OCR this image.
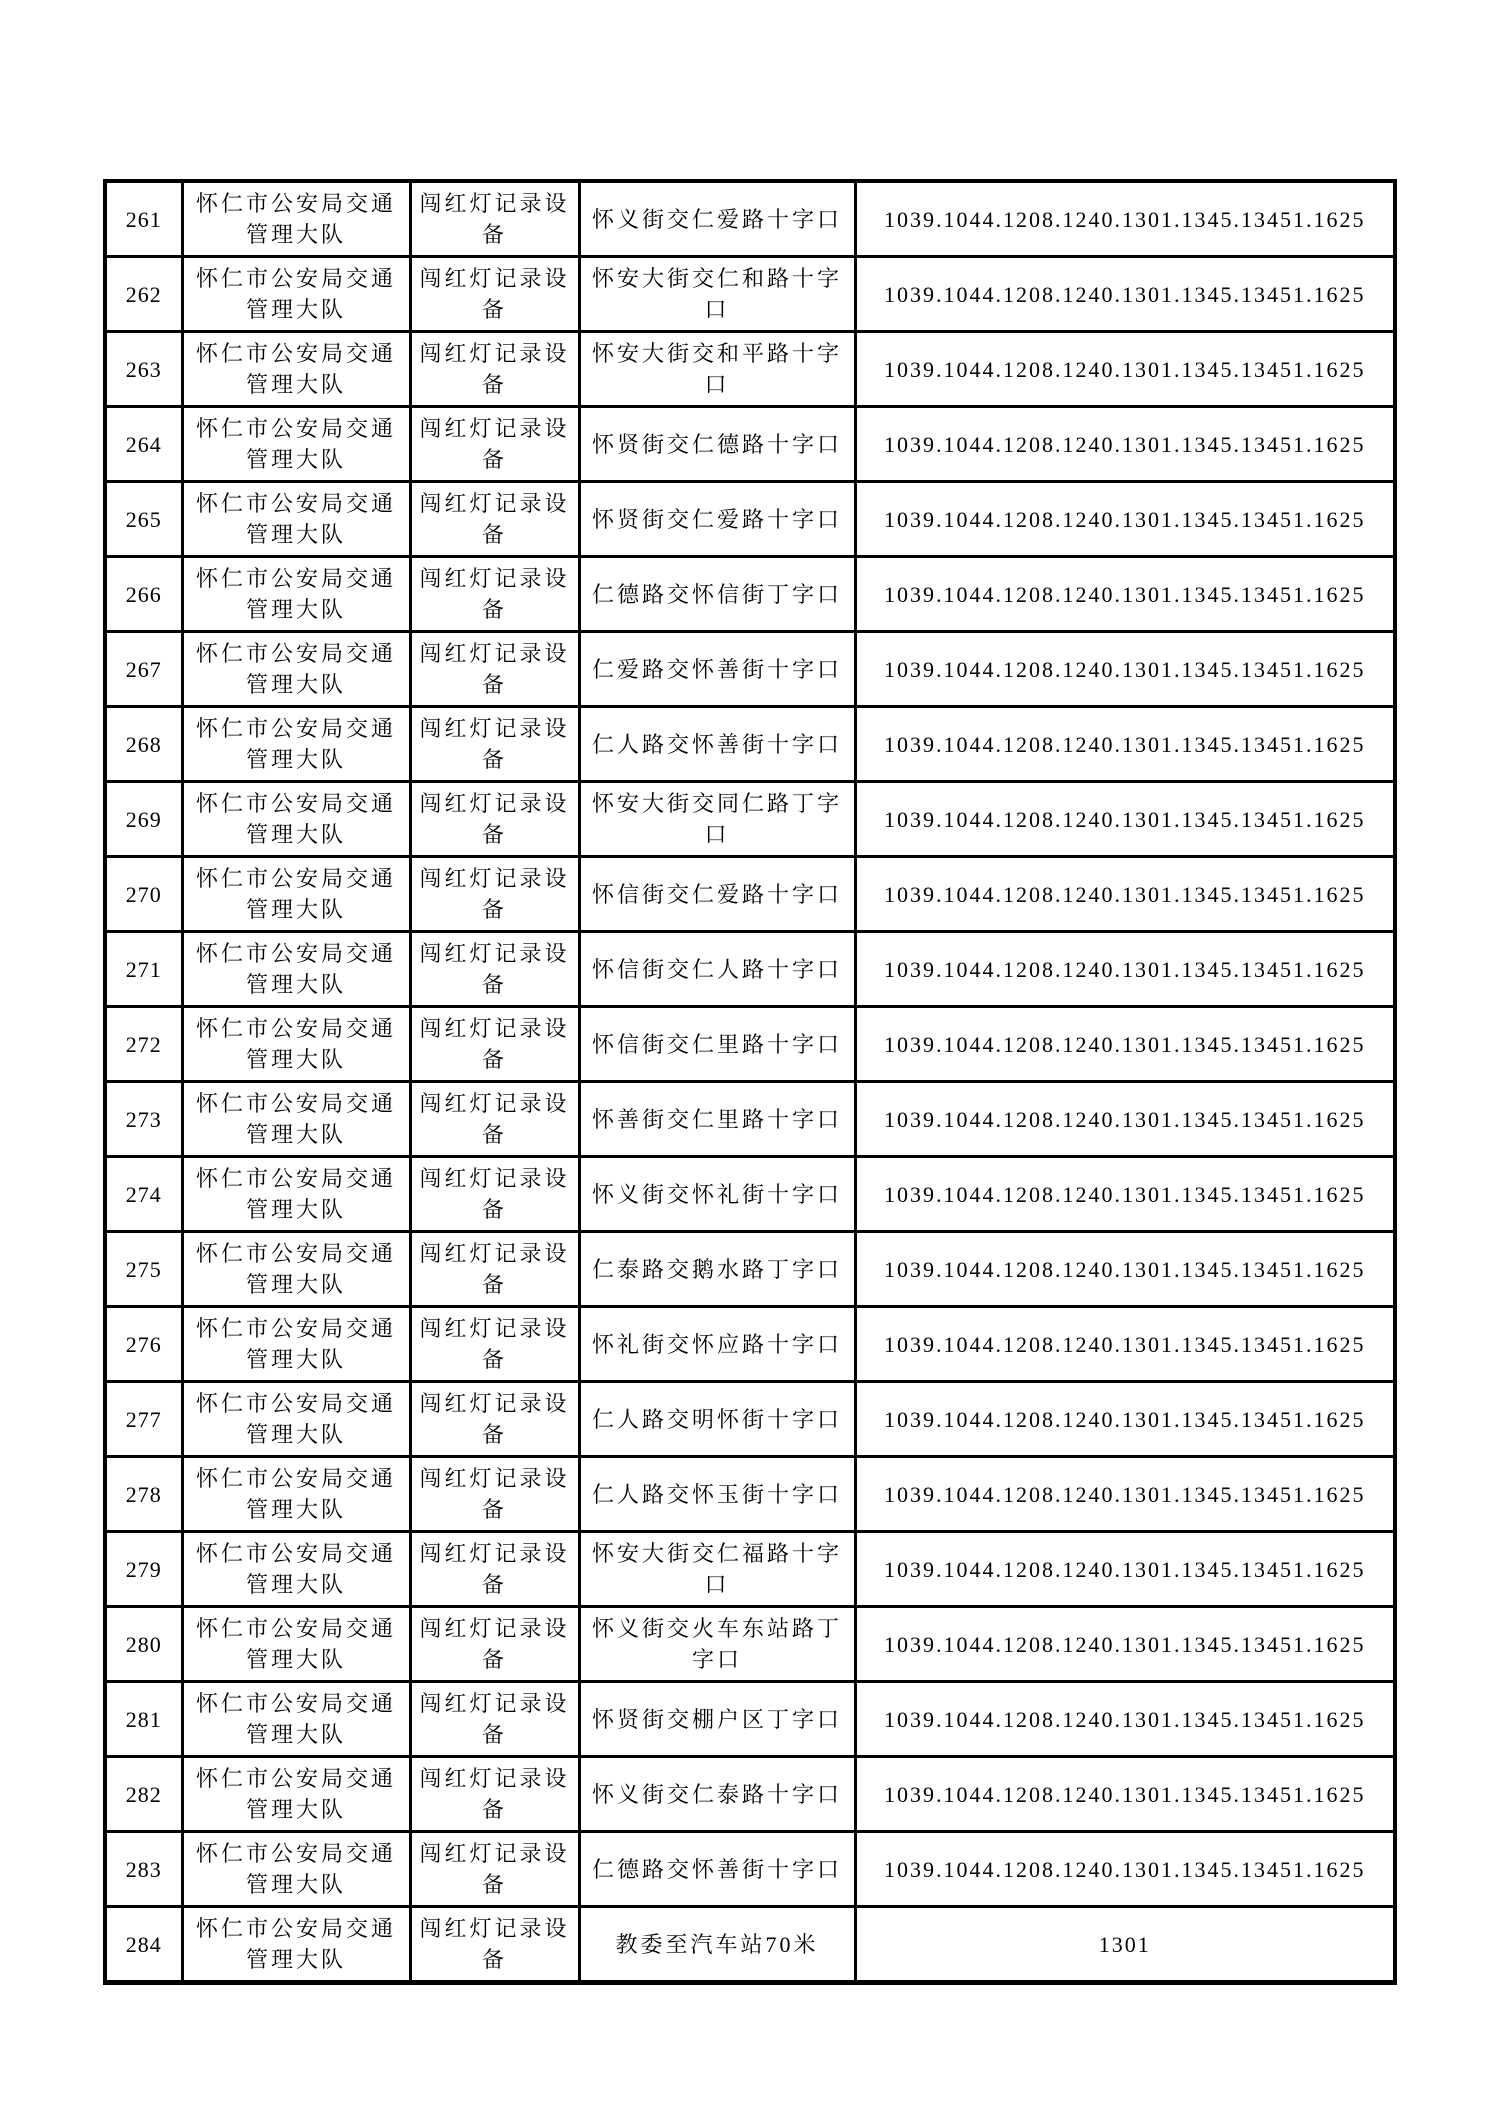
261	怀仁市公安局交通管理大队	闯红灯记录设备	怀义街交仁爱路十字口	1039.1044.1208.1240.1301.1345.13451.1625
262	怀仁市公安局交通管理大队	闯红灯记录设备	怀安大街交仁和路十字口	1039.1044.1208.1240.1301.1345.13451.1625
263	怀仁市公安局交通管理大队	闯红灯记录设备	怀安大街交和平路十字口	1039.1044.1208.1240.1301.1345.13451.1625
264	怀仁市公安局交通管理大队	闯红灯记录设备	怀贤街交仁德路十字口	1039.1044.1208.1240.1301.1345.13451.1625
265	怀仁市公安局交通管理大队	闯红灯记录设备	怀贤街交仁爱路十字口	1039.1044.1208.1240.1301.1345.13451.1625
266	怀仁市公安局交通管理大队	闯红灯记录设备	仁德路交怀信街丁字口	1039.1044.1208.1240.1301.1345.13451.1625
267	怀仁市公安局交通管理大队	闯红灯记录设备	仁爱路交怀善街十字口	1039.1044.1208.1240.1301.1345.13451.1625
268	怀仁市公安局交通管理大队	闯红灯记录设备	仁人路交怀善街十字口	1039.1044.1208.1240.1301.1345.13451.1625
269	怀仁市公安局交通管理大队	闯红灯记录设备	怀安大街交同仁路丁字口	1039.1044.1208.1240.1301.1345.13451.1625
270	怀仁市公安局交通管理大队	闯红灯记录设备	怀信街交仁爱路十字口	1039.1044.1208.1240.1301.1345.13451.1625
271	怀仁市公安局交通管理大队	闯红灯记录设备	怀信街交仁人路十字口	1039.1044.1208.1240.1301.1345.13451.1625
272	怀仁市公安局交通管理大队	闯红灯记录设备	怀信街交仁里路十字口	1039.1044.1208.1240.1301.1345.13451.1625
273	怀仁市公安局交通管理大队	闯红灯记录设备	怀善街交仁里路十字口	1039.1044.1208.1240.1301.1345.13451.1625
274	怀仁市公安局交通管理大队	闯红灯记录设备	怀义街交怀礼街十字口	1039.1044.1208.1240.1301.1345.13451.1625
275	怀仁市公安局交通管理大队	闯红灯记录设备	仁泰路交鹅水路丁字口	1039.1044.1208.1240.1301.1345.13451.1625
276	怀仁市公安局交通管理大队	闯红灯记录设备	怀礼街交怀应路十字口	1039.1044.1208.1240.1301.1345.13451.1625
277	怀仁市公安局交通管理大队	闯红灯记录设备	仁人路交明怀街十字口	1039.1044.1208.1240.1301.1345.13451.1625
278	怀仁市公安局交通管理大队	闯红灯记录设备	仁人路交怀玉街十字口	1039.1044.1208.1240.1301.1345.13451.1625
279	怀仁市公安局交通管理大队	闯红灯记录设备	怀安大街交仁福路十字口	1039.1044.1208.1240.1301.1345.13451.1625
280	怀仁市公安局交通管理大队	闯红灯记录设备	怀义街交火车东站路丁字口	1039.1044.1208.1240.1301.1345.13451.1625
281	怀仁市公安局交通管理大队	闯红灯记录设备	怀贤街交棚户区丁字口	1039.1044.1208.1240.1301.1345.13451.1625
282	怀仁市公安局交通管理大队	闯红灯记录设备	怀义街交仁泰路十字口	1039.1044.1208.1240.1301.1345.13451.1625
283	怀仁市公安局交通管理大队	闯红灯记录设备	仁德路交怀善街十字口	1039.1044.1208.1240.1301.1345.13451.1625
284	怀仁市公安局交通管理大队	闯红灯记录设备	教委至汽车站70米	1301
